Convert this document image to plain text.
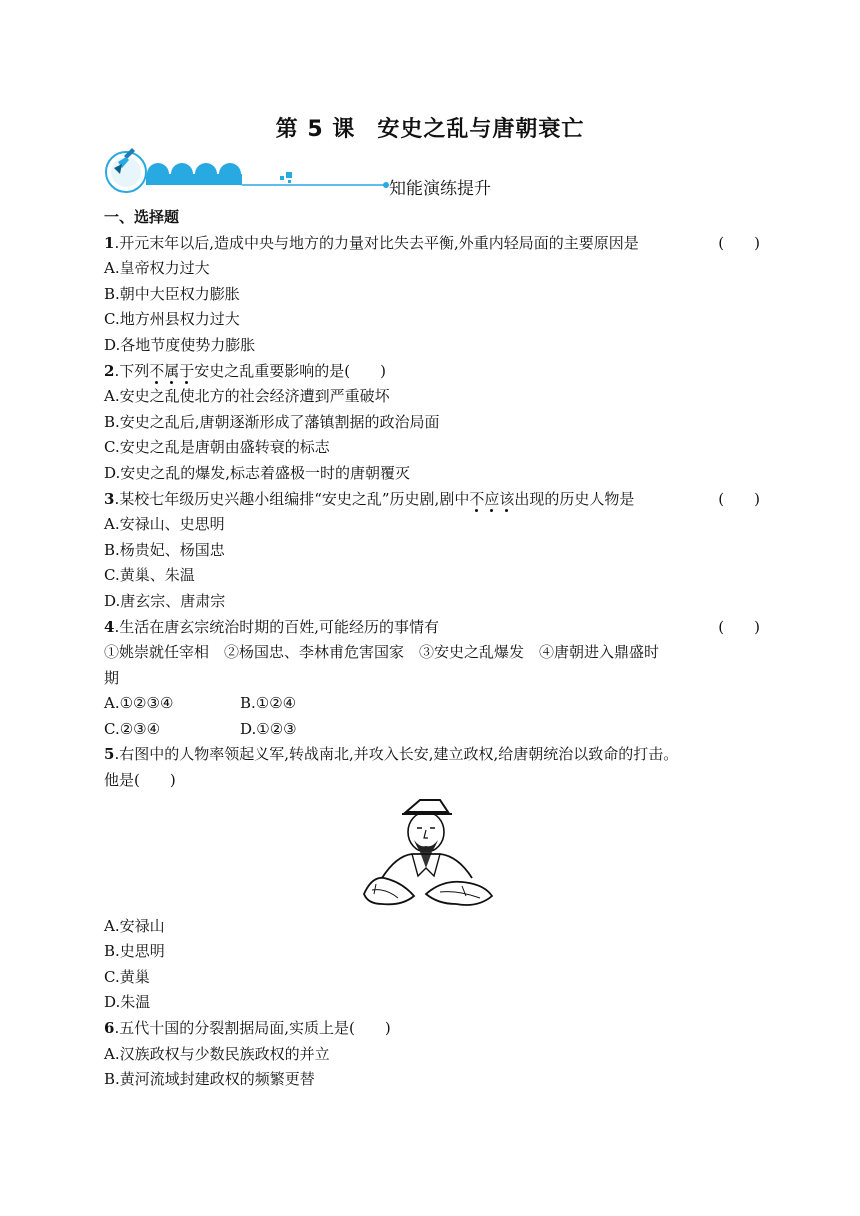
第 5 课 安史之乱与唐朝衰亡
知能演练提升
一、选择题
1.开元末年以后,造成中央与地方的力量对比失去平衡,外重内轻局面的主要原因是	(　　)
A.皇帝权力过大
B.朝中大臣权力膨胀
C.地方州县权力过大
D.各地节度使势力膨胀
2.下列不属于安史之乱重要影响的是(　　)
A.安史之乱使北方的社会经济遭到严重破坏
B.安史之乱后,唐朝逐渐形成了藩镇割据的政治局面
C.安史之乱是唐朝由盛转衰的标志
D.安史之乱的爆发,标志着盛极一时的唐朝覆灭
3.某校七年级历史兴趣小组编排“安史之乱”历史剧,剧中不应该出现的历史人物是	(　　)
A.安禄山、史思明
B.杨贵妃、杨国忠
C.黄巢、朱温
D.唐玄宗、唐肃宗
4.生活在唐玄宗统治时期的百姓,可能经历的事情有	(　　)
①姚崇就任宰相　②杨国忠、李林甫危害国家　③安史之乱爆发　④唐朝进入鼎盛时
期
A.①②③④	B.①②④
C.②③④	D.①②③
5.右图中的人物率领起义军,转战南北,并攻入长安,建立政权,给唐朝统治以致命的打击。
他是(　　)
A.安禄山
B.史思明
C.黄巢
D.朱温
6.五代十国的分裂割据局面,实质上是(　　)
A.汉族政权与少数民族政权的并立
B.黄河流域封建政权的频繁更替
